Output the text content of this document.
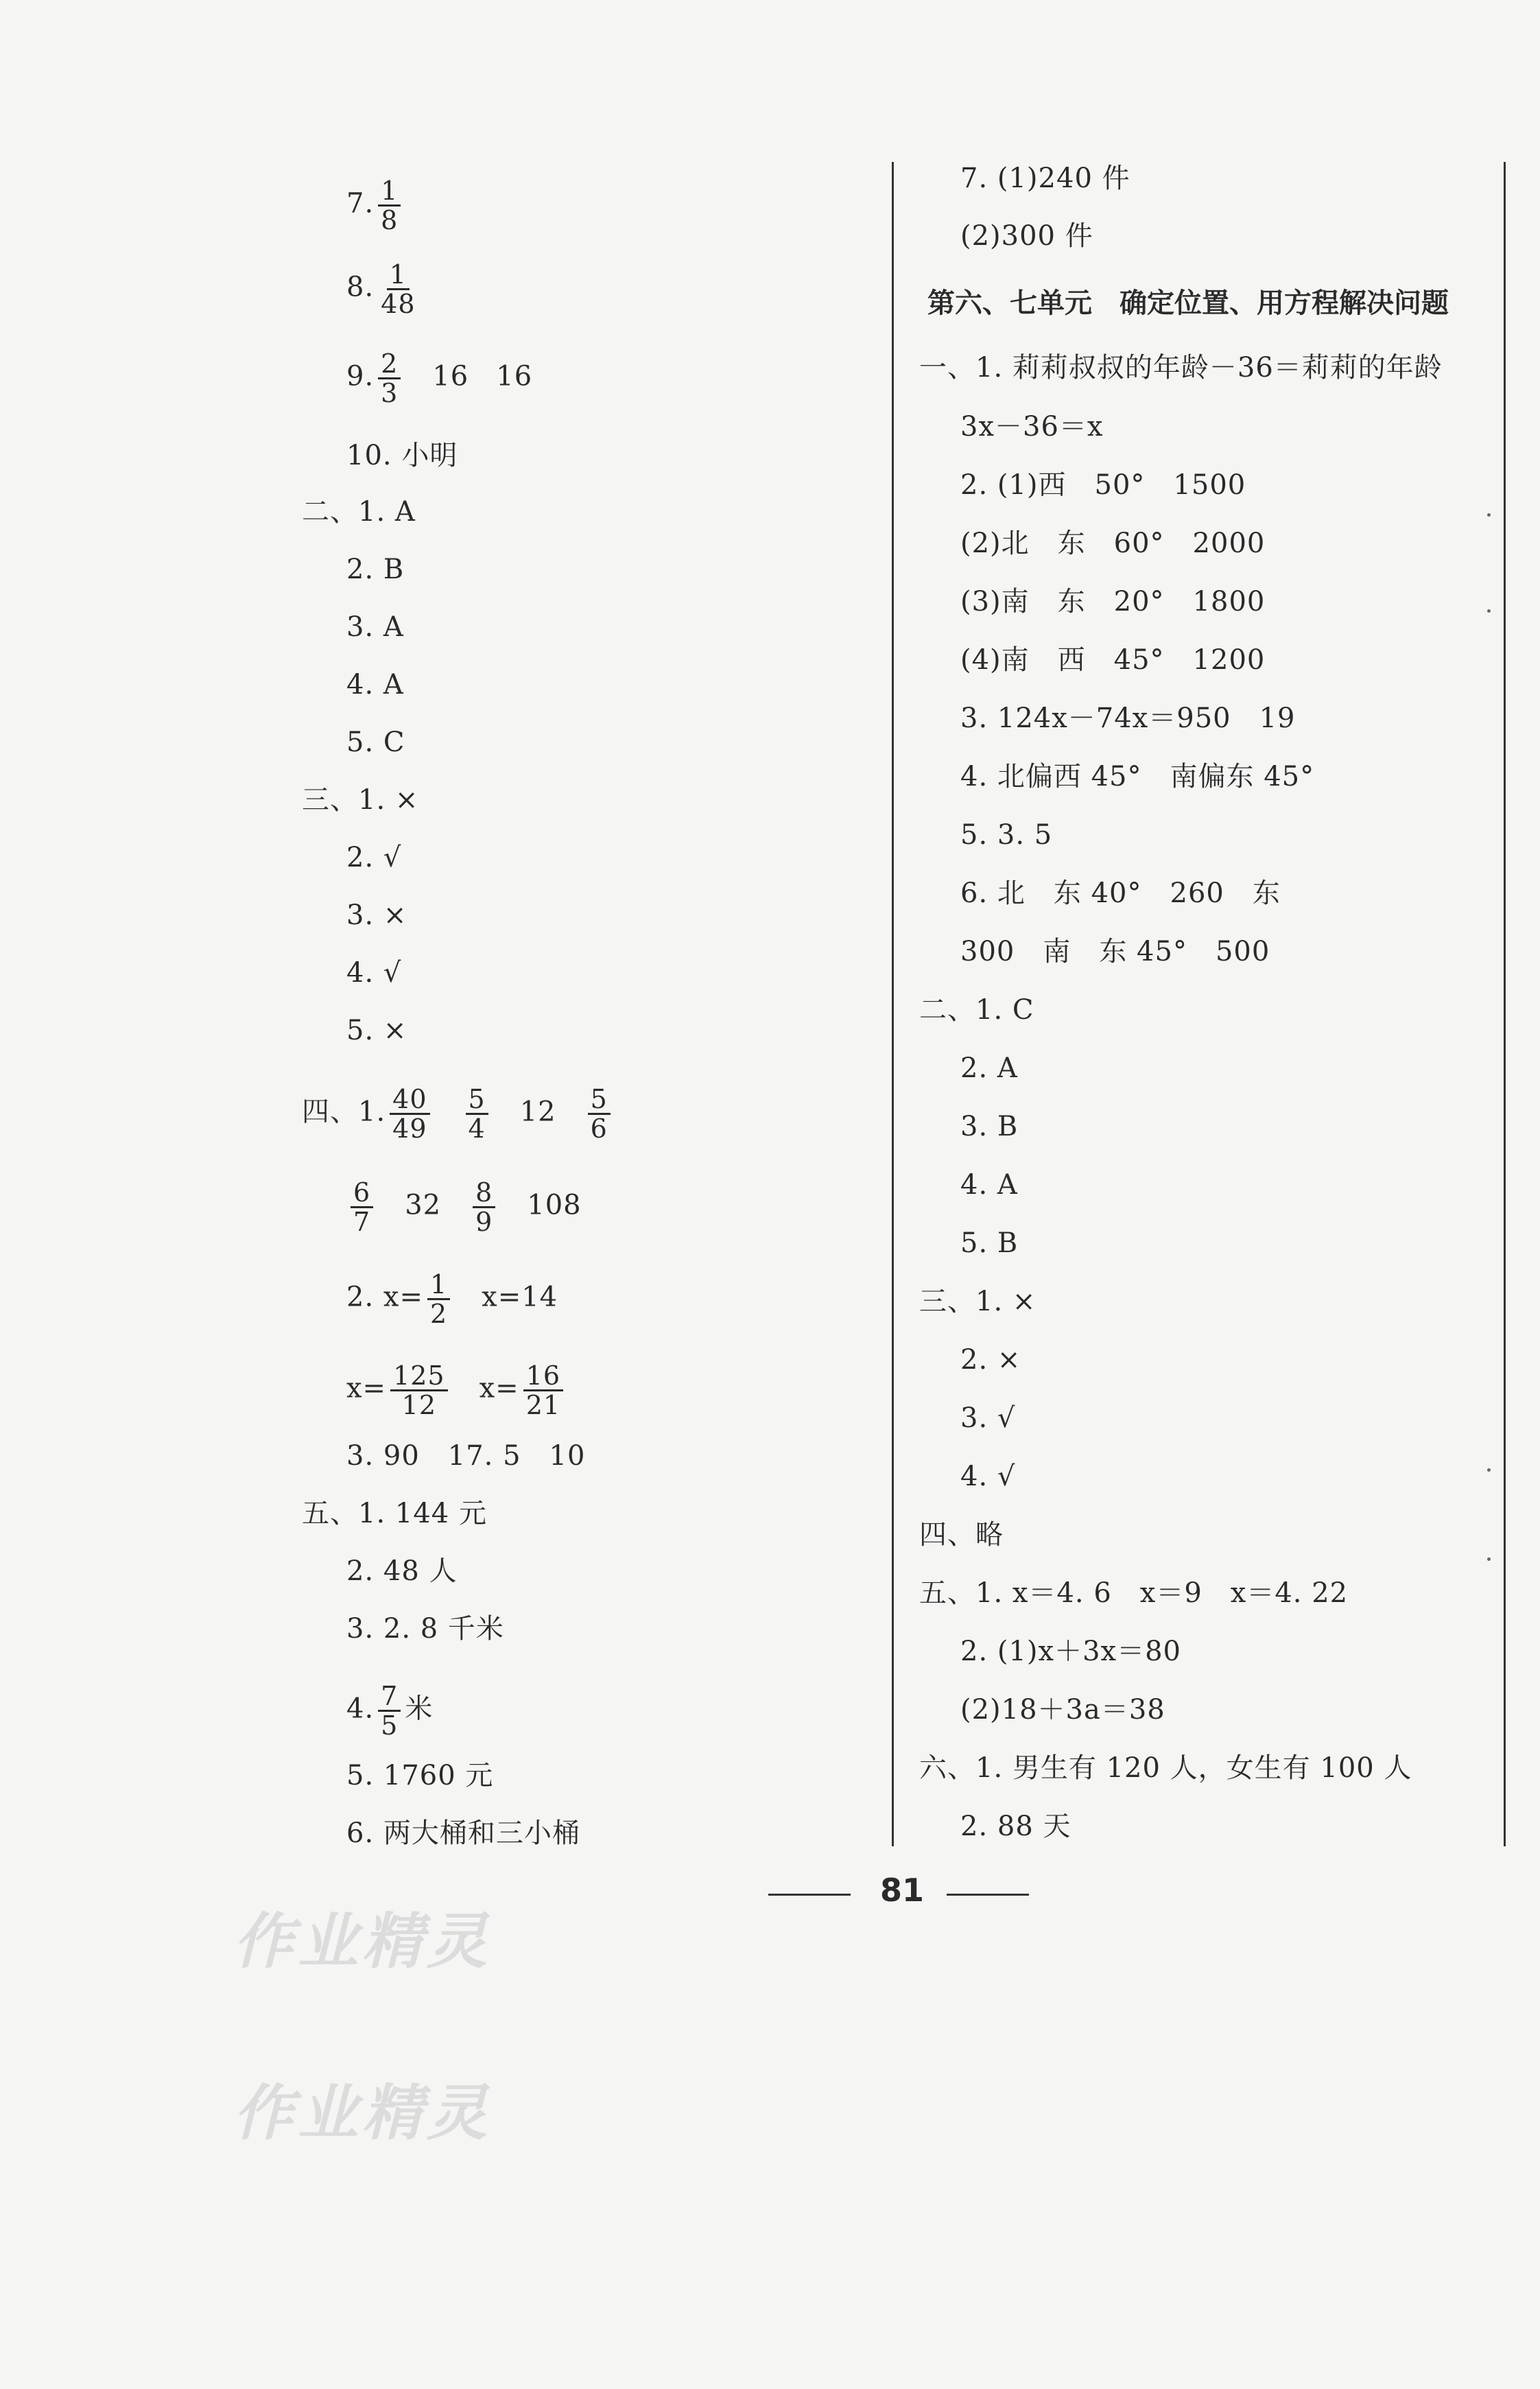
7. $\frac{1}{8}$
8. $\frac{1}{48}$
9. $\frac{2}{3} 16$ 16
10. 小明
二、1. A
2. B
3. A
4. A
5. C
三、1. ×
2. √
3. ×
4. √
5. ×
四、1. $\frac{40}{49} \frac{5}{4} 12 \frac{5}{6}$
$\frac{6}{7} 32 \frac{8}{9} 108$
2. $x= \frac{1}{2} x=14$
$x= \frac{125}{12} x= \frac{16}{21}$
3. 90　17. 5　10
五、1. 144 元
2. 48 人
3. 2. 8 千米
4. $\frac{7}{5}$ 米
5. 1760 元
6. 两大桶和三小桶
7. (1)240 件
(2)300 件
第六、七单元　确定位置、用方程解决问题
一、1. 莉莉叔叔的年龄－36＝莉莉的年龄
3x－36＝x
2. (1)西　50°　1500
(2)北　东　60°　2000
(3)南　东　20°　1800
(4)南　西　45°　1200
3. 124x－74x＝950　19
4. 北偏西 45°　南偏东 45°
5. 3. 5
6. 北　东 40°　260　东
300　南　东 45°　500
二、1. C
2. A
3. B
4. A
5. B
三、1. ×
2. ×
3. √
4. √
四、略
五、1. x＝4. 6　x＝9　x＝4. 22
2. (1)x＋3x＝80
(2)18＋3a＝38
六、1. 男生有 120 人，女生有 100 人
2. 88 天
81
作业精灵
作业精灵
